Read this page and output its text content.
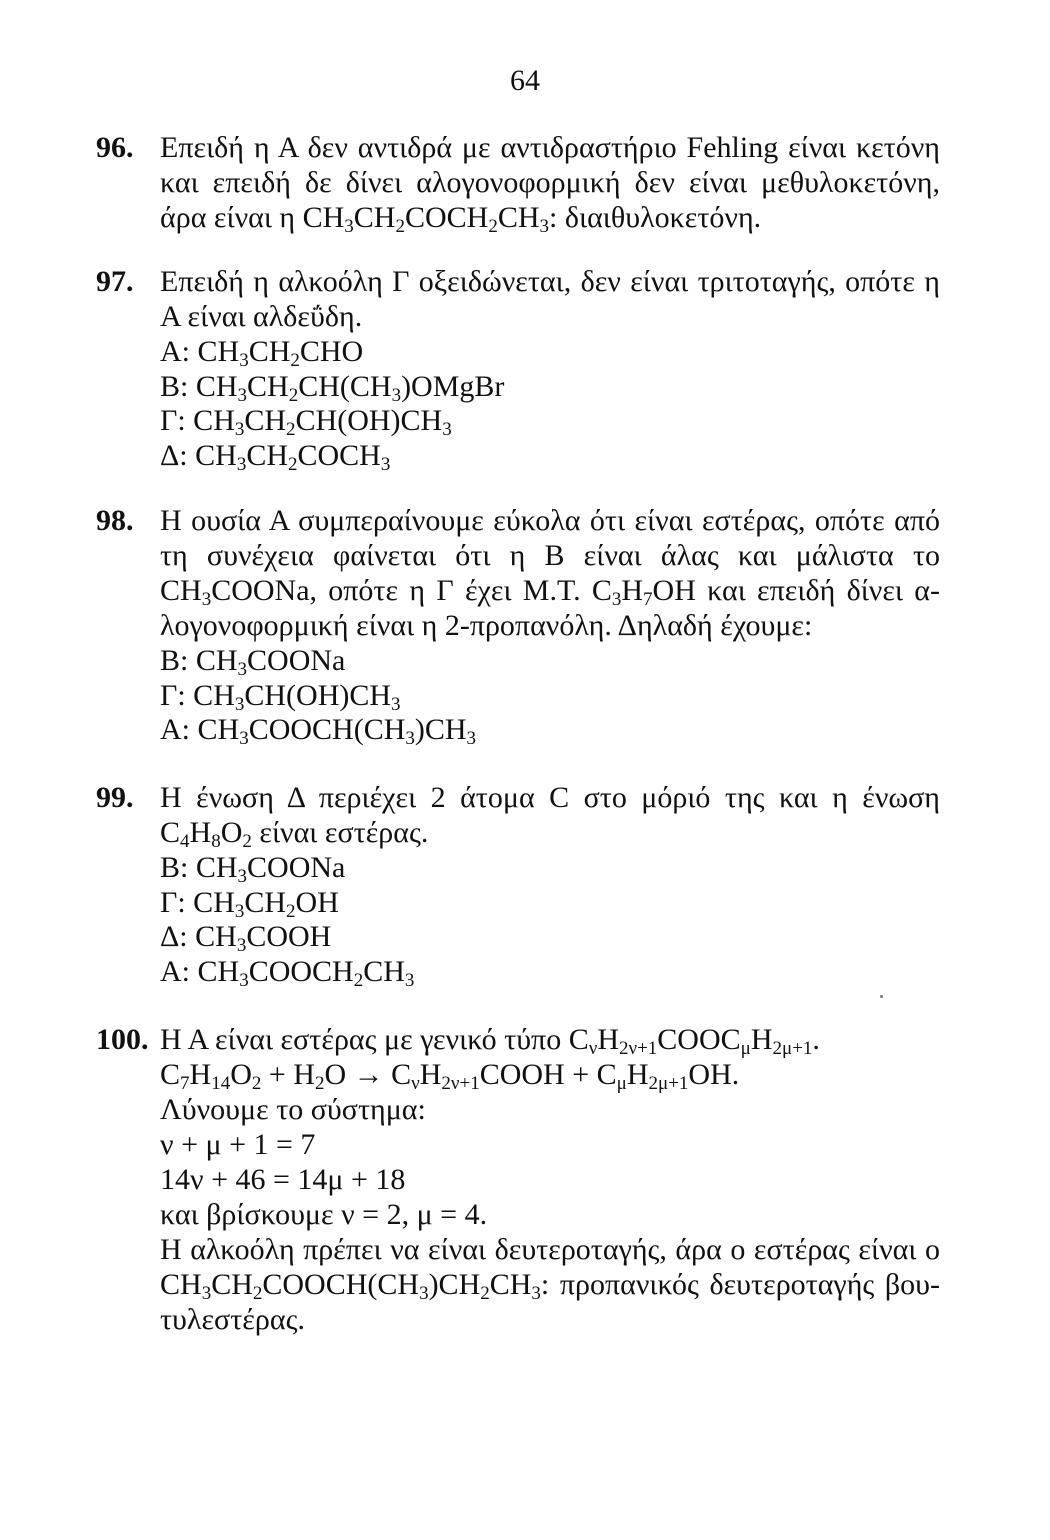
64
96. Επειδή η Α δεν αντιδρά με αντιδραστήριο Fehling είναι κετόνη
και επειδή δε δίνει αλογονοφορμική δεν είναι μεθυλοκετόνη,
άρα είναι η $CH_3CH_2COCH_2CH_3$: διαιθυλοκετόνη.
97. Επειδή η αλκοόλη Γ οξειδώνεται, δεν είναι τριτοταγής, οπότε η
Α είναι αλδεΰδη.
Α: $CH_3CH_2CHO$
Β: $CH_3CH_2CH(CH_3)OMgBr$
Γ: $CH_3CH_2CH(OH)CH_3$
Δ: $CH_3CH_2COCH_3$
98. Η ουσία Α συμπεραίνουμε εύκολα ότι είναι εστέρας, οπότε από
τη συνέχεια φαίνεται ότι η Β είναι άλας και μάλιστα το
$CH_3COONa$, οπότε η Γ έχει Μ.Τ. $C_3H_7OH$ και επειδή δίνει α-
λογονοφορμική είναι η 2-προπανόλη. Δηλαδή έχουμε:
Β: $CH_3COONa$
Γ: $CH_3CH(OH)CH_3$
Α: $CH_3COOCH(CH_3)CH_3$
99. Η ένωση Δ περιέχει 2 άτομα C στο μόριό της και η ένωση
$C_4H_8O_2$ είναι εστέρας.
Β: $CH_3COONa$
Γ: $CH_3CH_2OH$
Δ: $CH_3COOH$
Α: $CH_3COOCH_2CH_3$
100. Η Α είναι εστέρας με γενικό τύπο $C_\nu H_{2\nu+1}COOC_\mu H_{2\mu+1}$.
$C_7H_{14}O_2 + H_2O$ → $C_\nu H_{2\nu+1}COOH + C_\mu H_{2\mu+1}OH$.
Λύνουμε το σύστημα:
ν + μ + 1 = 7
14ν + 46 = 14μ + 18
και βρίσκουμε ν = 2, μ = 4.
Η αλκοόλη πρέπει να είναι δευτεροταγής, άρα ο εστέρας είναι ο
$CH_3CH_2COOCH(CH_3)CH_2CH_3$: προπανικός δευτεροταγής βου-
τυλεστέρας.
